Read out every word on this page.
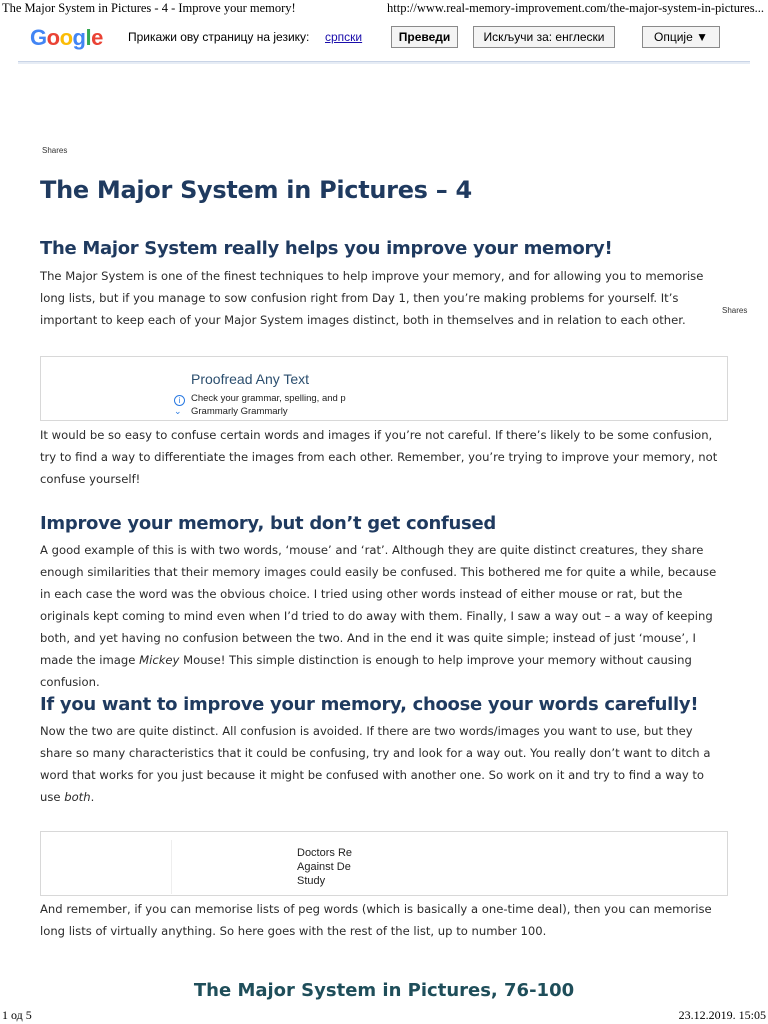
The Major System in Pictures - 4 - Improve your memory!	http://www.real-memory-improvement.com/the-major-system-in-pictures...
Google Прикажи ову страницу на језику: српски	Преведи	Искључи за: енглески	Опције ▼
Shares
Shares
The Major System in Pictures – 4
The Major System really helps you improve your memory!

The Major System is one of the finest techniques to help improve your memory, and for allowing you to memorise long lists, but if you manage to sow confusion right from Day 1, then you’re making problems for yourself. It’s important to keep each of your Major System images distinct, both in themselves and in relation to each other.

Proofread Any Text
i
⌄
Check your grammar, spelling, and p
Grammarly Grammarly

It would be so easy to confuse certain words and images if you’re not careful. If there’s likely to be some confusion, try to find a way to differentiate the images from each other. Remember, you’re trying to improve your memory, not confuse yourself!

Improve your memory, but don’t get confused

A good example of this is with two words, ‘mouse’ and ‘rat’. Although they are quite distinct creatures, they share enough similarities that their memory images could easily be confused. This bothered me for quite a while, because in each case the word was the obvious choice. I tried using other words instead of either mouse or rat, but the originals kept coming to mind even when I’d tried to do away with them. Finally, I saw a way out – a way of keeping both, and yet having no confusion between the two. And in the end it was quite simple; instead of just ‘mouse’, I made the image Mickey Mouse! This simple distinction is enough to help improve your memory without causing confusion.

If you want to improve your memory, choose your words carefully!

Now the two are quite distinct. All confusion is avoided. If there are two words/images you want to use, but they share so many characteristics that it could be confusing, try and look for a way out. You really don’t want to ditch a word that works for you just because it might be confused with another one. So work on it and try to find a way to use both.

Doctors Re
Against De
Study

And remember, if you can memorise lists of peg words (which is basically a one-time deal), then you can memorise long lists of virtually anything. So here goes with the rest of the list, up to number 100.

The Major System in Pictures, 76-100
1 од 5	23.12.2019. 15:05
